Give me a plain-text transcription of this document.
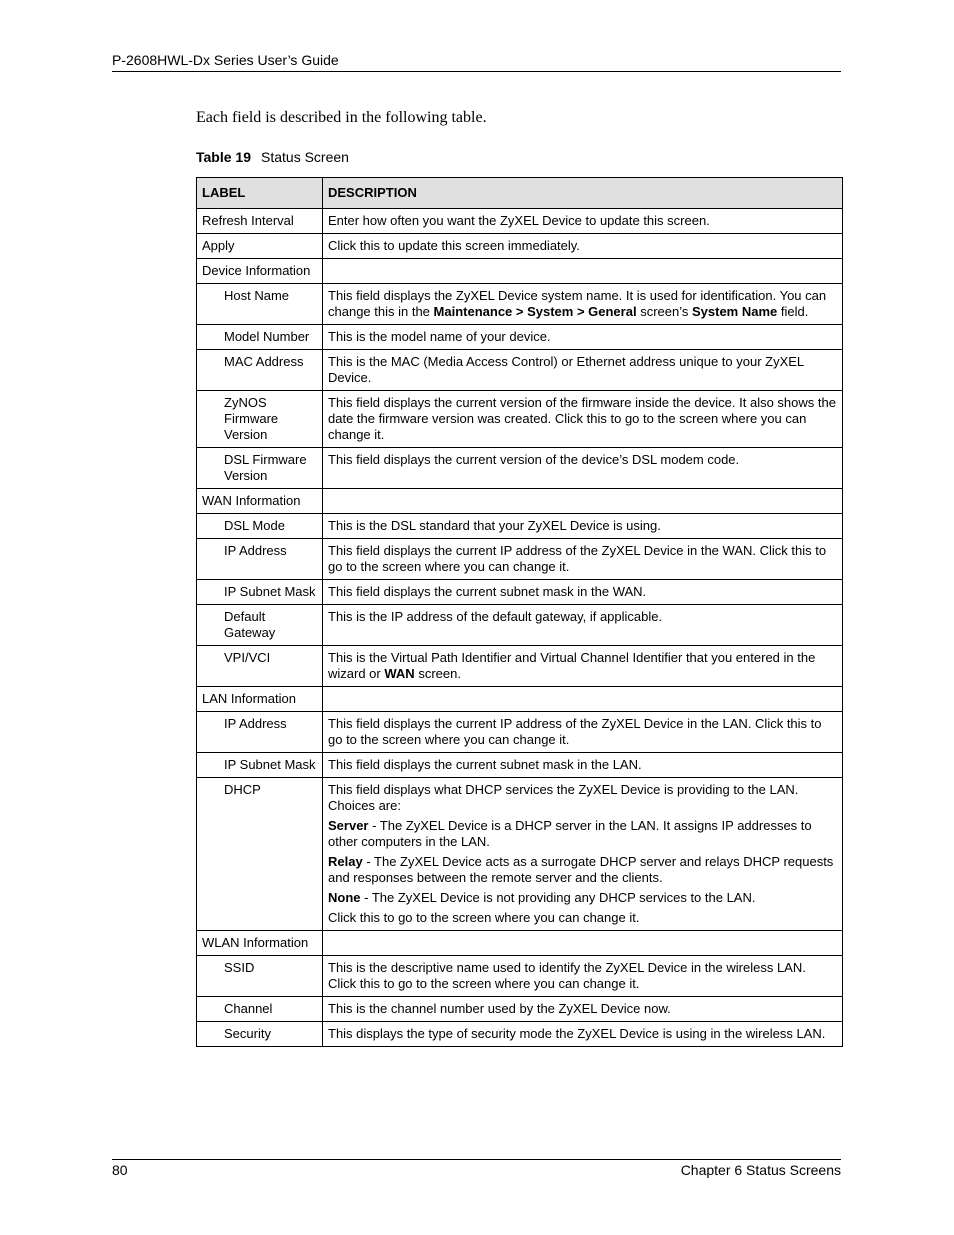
P-2608HWL-Dx Series User’s Guide
Each field is described in the following table.
Table 19 Status Screen
LABEL	DESCRIPTION
Refresh Interval	Enter how often you want the ZyXEL Device to update this screen.

Apply	Click this to update this screen immediately.

Device Information	
Host Name	This field displays the ZyXEL Device system name. It is used for identification. You can change this in the Maintenance > System > General screen’s System Name field.

Model Number	This is the model name of your device.

MAC Address	This is the MAC (Media Access Control) or Ethernet address unique to your ZyXEL Device.

ZyNOS Firmware Version	This field displays the current version of the firmware inside the device. It also shows the date the firmware version was created. Click this to go to the screen where you can change it.

DSL Firmware Version	This field displays the current version of the device’s DSL modem code.

WAN Information	
DSL Mode	This is the DSL standard that your ZyXEL Device is using.

IP Address	This field displays the current IP address of the ZyXEL Device in the WAN. Click this to go to the screen where you can change it.

IP Subnet Mask	This field displays the current subnet mask in the WAN.

Default Gateway	This is the IP address of the default gateway, if applicable.

VPI/VCI	This is the Virtual Path Identifier and Virtual Channel Identifier that you entered in the wizard or WAN screen.

LAN Information	
IP Address	This field displays the current IP address of the ZyXEL Device in the LAN. Click this to go to the screen where you can change it.

IP Subnet Mask	This field displays the current subnet mask in the LAN.

DHCP	This field displays what DHCP services the ZyXEL Device is providing to the LAN. Choices are:

Server - The ZyXEL Device is a DHCP server in the LAN. It assigns IP addresses to other computers in the LAN.

Relay - The ZyXEL Device acts as a surrogate DHCP server and relays DHCP requests and responses between the remote server and the clients.

None - The ZyXEL Device is not providing any DHCP services to the LAN.

Click this to go to the screen where you can change it.

WLAN Information	
SSID	This is the descriptive name used to identify the ZyXEL Device in the wireless LAN. Click this to go to the screen where you can change it.

Channel	This is the channel number used by the ZyXEL Device now.

Security	This displays the type of security mode the ZyXEL Device is using in the wireless LAN.

80	Chapter 6 Status Screens
